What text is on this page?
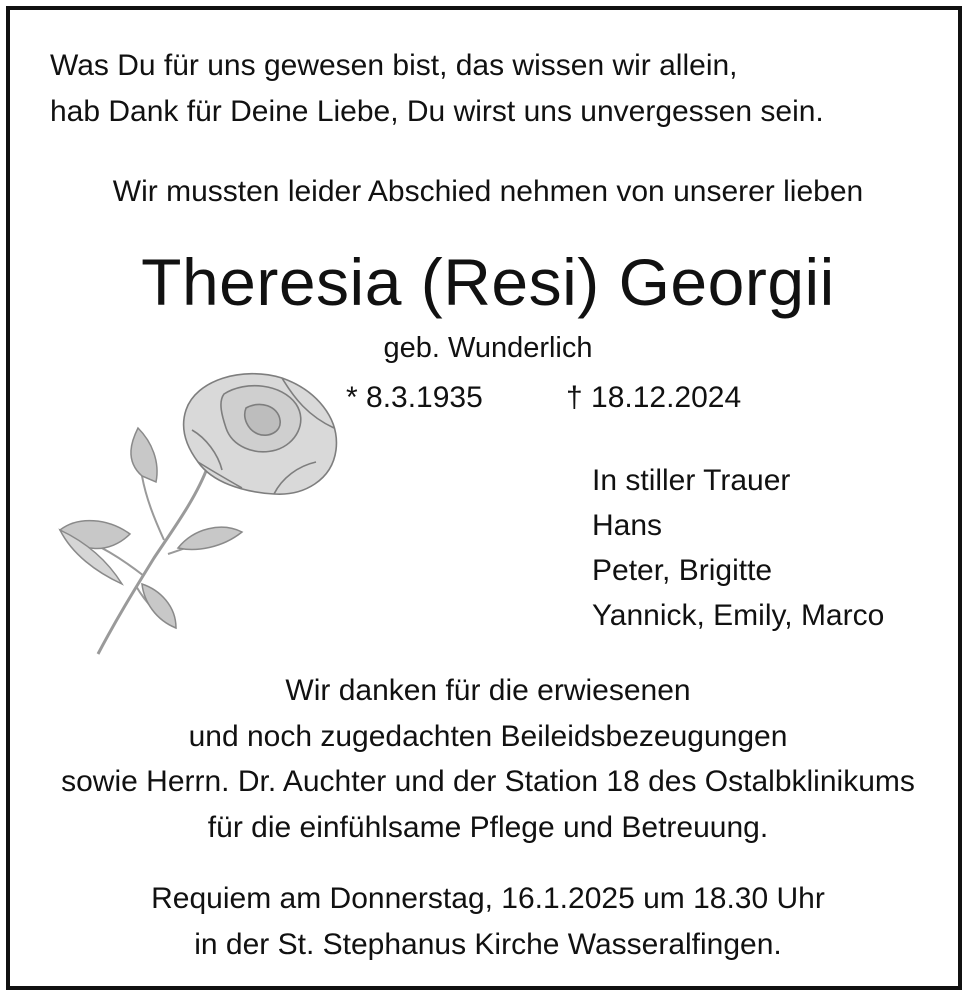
Was Du für uns gewesen bist, das wissen wir allein,
hab Dank für Deine Liebe, Du wirst uns unvergessen sein.
Wir mussten leider Abschied nehmen von unserer lieben
Theresia (Resi) Georgii
geb. Wunderlich
* 8.3.1935	† 18.12.2024
In stiller Trauer
Hans
Peter, Brigitte
Yannick, Emily, Marco
Wir danken für die erwiesenen
und noch zugedachten Beileidsbezeugungen
sowie Herrn. Dr. Auchter und der Station 18 des Ostalbklinikums
für die einfühlsame Pflege und Betreuung.
Requiem am Donnerstag, 16.1.2025 um 18.30 Uhr
in der St. Stephanus Kirche Wasseralfingen.
